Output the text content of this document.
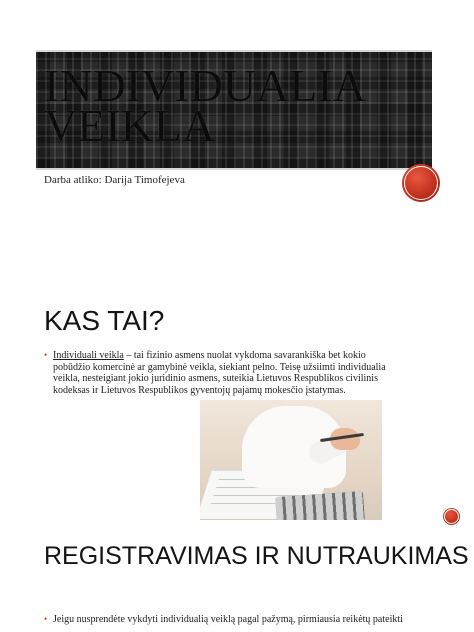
INDIVIDUALIA VEIKLA
Darba atliko: Darija Timofejeva
KAS TAI?
• Individuali veikla – tai fizinio asmens nuolat vykdoma savarankiška bet kokio pobūdžio komercinė ar gamybinė veikla, siekiant pelno. Teisę užsiimti individualia veikla, nesteigiant jokio juridinio asmens, suteikia Lietuvos Respublikos civilinis kodeksas ir Lietuvos Respublikos gyventojų pajamų mokesčio įstatymas.
REGISTRAVIMAS IR NUTRAUKIMAS
• Jeigu nusprendėte vykdyti individualią veiklą pagal pažymą, pirmiausia reikėtų pateikti
